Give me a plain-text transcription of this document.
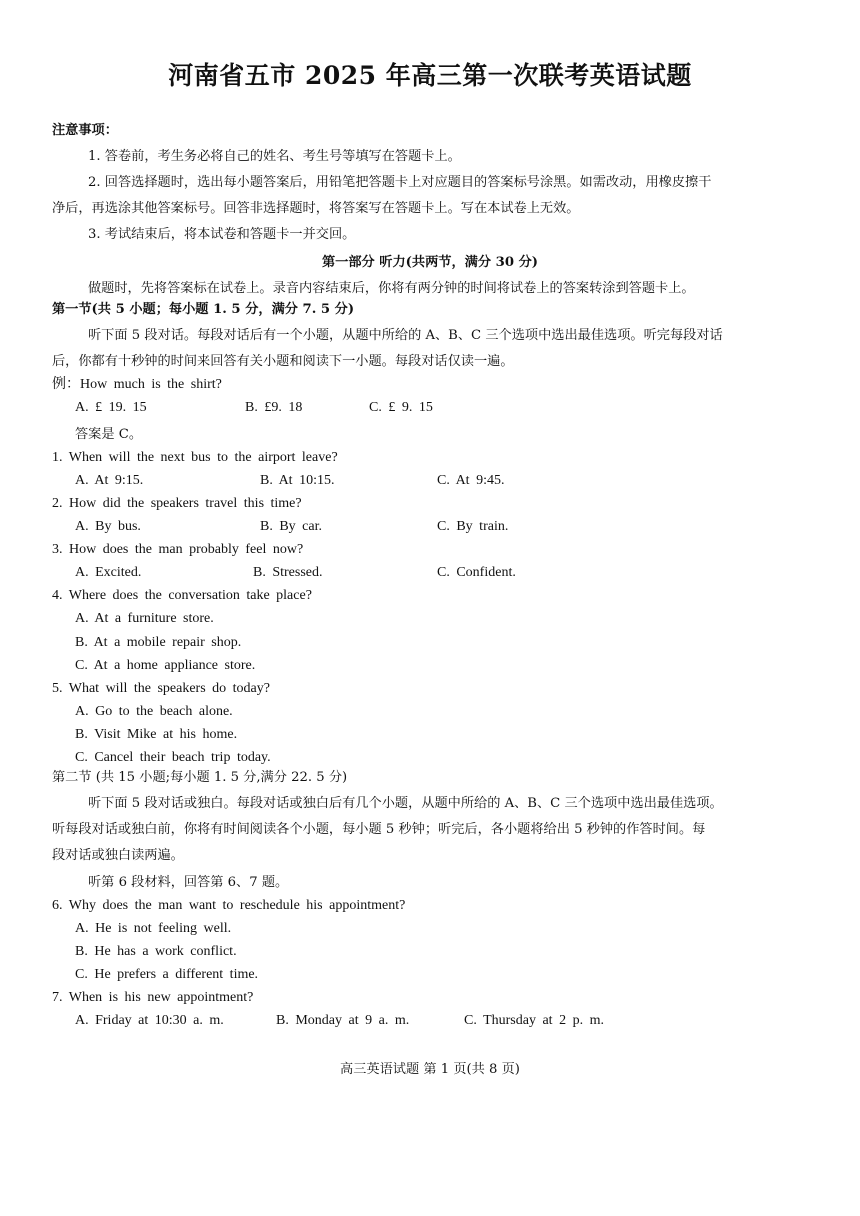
河南省五市 2025 年高三第一次联考英语试题
注意事项：
1. 答卷前，考生务必将自己的姓名、考生号等填写在答题卡上。
2. 回答选择题时，选出每小题答案后，用铅笔把答题卡上对应题目的答案标号涂黑。如需改动，用橡皮擦干
净后，再选涂其他答案标号。回答非选择题时，将答案写在答题卡上。写在本试卷上无效。
3. 考试结束后，将本试卷和答题卡一并交回。
第一部分 听力(共两节，满分 30 分)
做题时，先将答案标在试卷上。录音内容结束后，你将有两分钟的时间将试卷上的答案转涂到答题卡上。
第一节(共 5 小题；每小题 1. 5 分，满分 7. 5 分)
听下面 5 段对话。每段对话后有一个小题，从题中所给的 A、B、C 三个选项中选出最佳选项。听完每段对话
后，你都有十秒钟的时间来回答有关小题和阅读下一小题。每段对话仅读一遍。
例：How much is the shirt?
A. £ 19. 15	B. £9. 18	C. £ 9. 15
答案是 C。
1. When will the next bus to the airport leave?
A. At 9:15.	B. At 10:15.	C. At 9:45.
2. How did the speakers travel this time?
A. By bus.	B. By car.	C. By train.
3. How does the man probably feel now?
A. Excited.	B. Stressed.	C. Confident.
4. Where does the conversation take place?
A. At a furniture store.
B. At a mobile repair shop.
C. At a home appliance store.
5. What will the speakers do today?
A. Go to the beach alone.
B. Visit Mike at his home.
C. Cancel their beach trip today.
第二节 (共 15 小题;每小题 1. 5 分,满分 22. 5 分)
听下面 5 段对话或独白。每段对话或独白后有几个小题，从题中所给的 A、B、C 三个选项中选出最佳选项。
听每段对话或独白前，你将有时间阅读各个小题，每小题 5 秒钟；听完后，各小题将给出 5 秒钟的作答时间。每
段对话或独白读两遍。
听第 6 段材料，回答第 6、7 题。
6. Why does the man want to reschedule his appointment?
A. He is not feeling well.
B. He has a work conflict.
C. He prefers a different time.
7. When is his new appointment?
A. Friday at 10:30 a. m.	B. Monday at 9 a. m.	C. Thursday at 2 p. m.
高三英语试题 第 1 页(共 8 页)
